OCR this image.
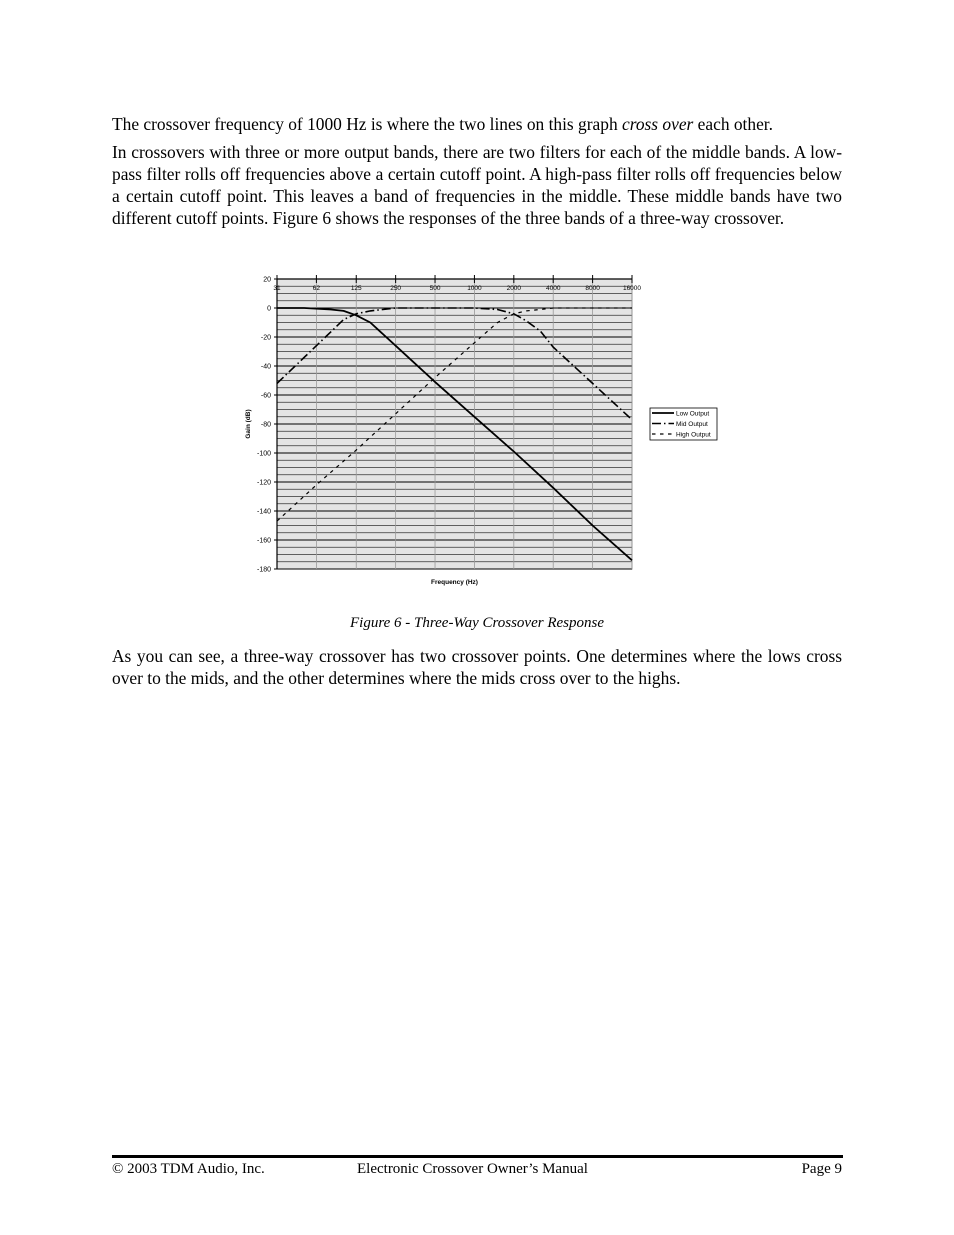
The crossover frequency of 1000 Hz is where the two lines on this graph cross over each other.

In crossovers with three or more output bands, there are two filters for each of the middle bands. A low-pass filter rolls off frequencies above a certain cutoff point. A high-pass filter rolls off frequencies below a certain cutoff point. This leaves a band of frequencies in the middle. These middle bands have two different cutoff points. Figure 6 shows the responses of the three bands of a three-way crossover.

31	62	125	250	500	1000	2000	4000	8000	16000
20
0
-20
-40
-60
-80
-100
-120
-140
-160
-180
Frequency (Hz)
Gain (dB)	Low Output
Mid Output
High Output
Figure 6 - Three-Way Crossover Response

As you can see, a three-way crossover has two crossover points. One determines where the lows cross over to the mids, and the other determines where the mids cross over to the highs.

© 2003 TDM Audio, Inc.	Electronic Crossover Owner’s Manual	Page 9
